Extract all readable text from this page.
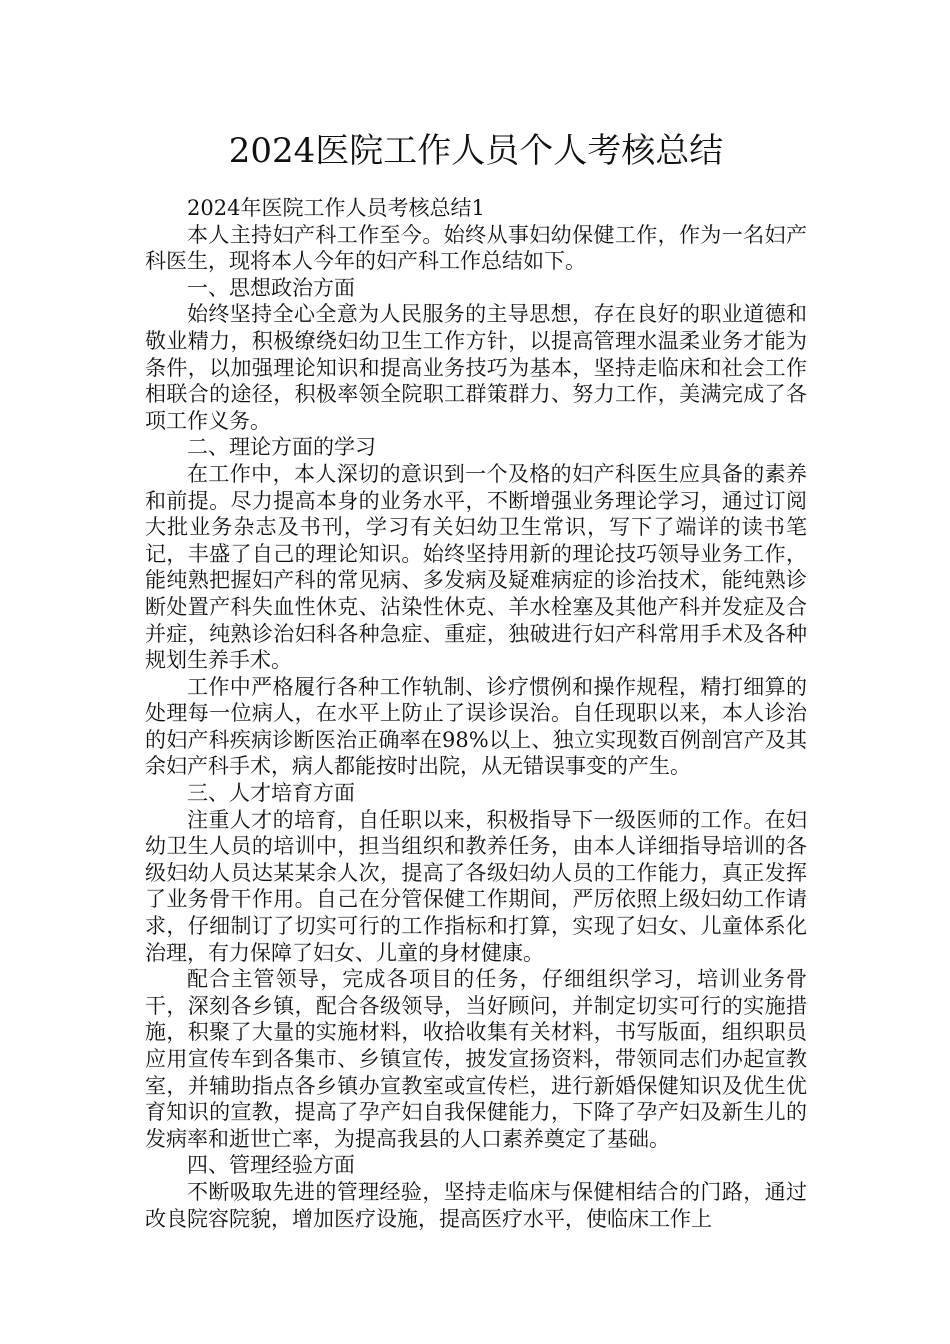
2024医院工作人员个人考核总结

2024年医院工作人员考核总结1

本人主持妇产科工作至今。始终从事妇幼保健工作，作为一名妇产科医生，现将本人今年的妇产科工作总结如下。

一、思想政治方面

始终坚持全心全意为人民服务的主导思想，存在良好的职业道德和敬业精力，积极缭绕妇幼卫生工作方针，以提高管理水温柔业务才能为条件，以加强理论知识和提高业务技巧为基本，坚持走临床和社会工作相联合的途径，积极率领全院职工群策群力、努力工作，美满完成了各项工作义务。

二、理论方面的学习

在工作中，本人深切的意识到一个及格的妇产科医生应具备的素养和前提。尽力提高本身的业务水平，不断增强业务理论学习，通过订阅大批业务杂志及书刊，学习有关妇幼卫生常识，写下了端详的读书笔记，丰盛了自己的理论知识。始终坚持用新的理论技巧领导业务工作，能纯熟把握妇产科的常见病、多发病及疑难病症的诊治技术，能纯熟诊断处置产科失血性休克、沾染性休克、羊水栓塞及其他产科并发症及合并症，纯熟诊治妇科各种急症、重症，独破进行妇产科常用手术及各种规划生养手术。

工作中严格履行各种工作轨制、诊疗惯例和操作规程，精打细算的处理每一位病人，在水平上防止了误诊误治。自任现职以来，本人诊治的妇产科疾病诊断医治正确率在98%以上、独立实现数百例剖宫产及其余妇产科手术，病人都能按时出院，从无错误事变的产生。

三、人才培育方面

注重人才的培育，自任职以来，积极指导下一级医师的工作。在妇幼卫生人员的培训中，担当组织和教养任务，由本人详细指导培训的各级妇幼人员达某某余人次，提高了各级妇幼人员的工作能力，真正发挥了业务骨干作用。自己在分管保健工作期间，严厉依照上级妇幼工作请求，仔细制订了切实可行的工作指标和打算，实现了妇女、儿童体系化治理，有力保障了妇女、儿童的身材健康。

配合主管领导，完成各项目的任务，仔细组织学习，培训业务骨干，深刻各乡镇，配合各级领导，当好顾问，并制定切实可行的实施措施，积聚了大量的实施材料，收拾收集有关材料，书写版面，组织职员应用宣传车到各集市、乡镇宣传，披发宣扬资料，带领同志们办起宣教室，并辅助指点各乡镇办宣教室或宣传栏，进行新婚保健知识及优生优育知识的宣教，提高了孕产妇自我保健能力，下降了孕产妇及新生儿的发病率和逝世亡率，为提高我县的人口素养奠定了基础。

四、管理经验方面

不断吸取先进的管理经验，坚持走临床与保健相结合的门路，通过改良院容院貌，增加医疗设施，提高医疗水平，使临床工作上
